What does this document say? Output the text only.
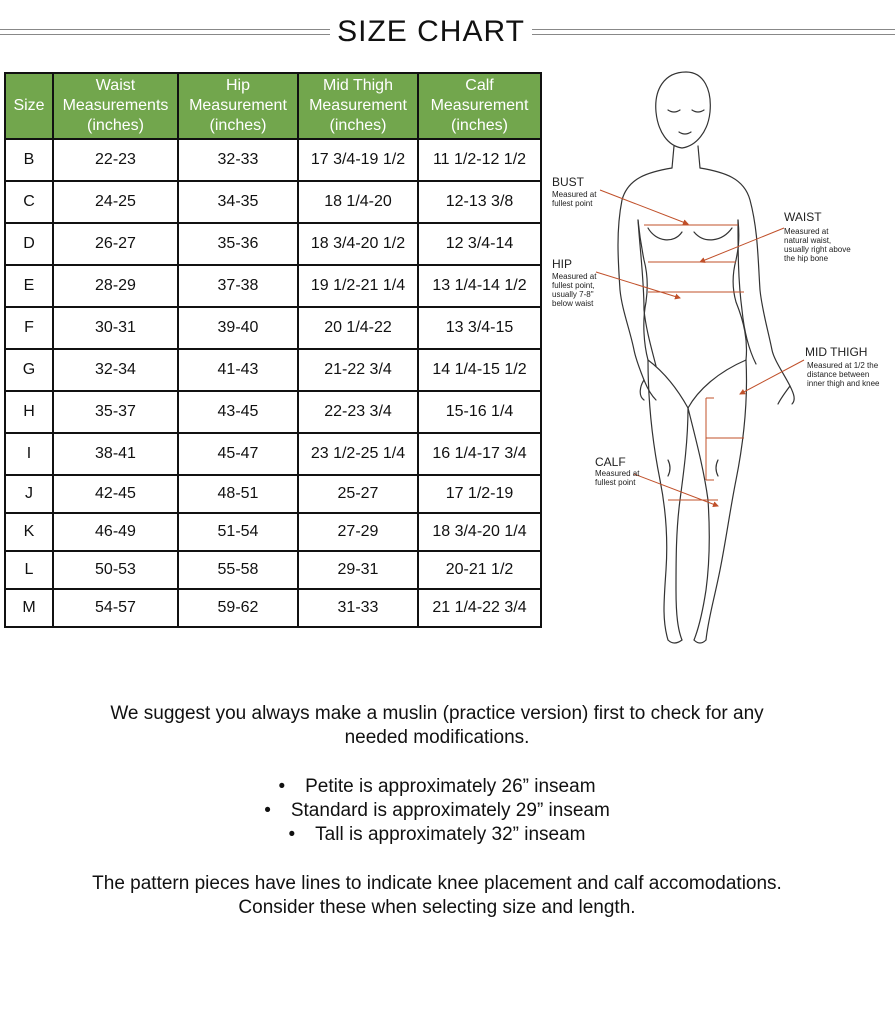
SIZE CHART
Size	Waist
Measurements
(inches)	Hip
Measurement
(inches)	Mid Thigh
Measurement
(inches)	Calf
Measurement
(inches)

B	22-23	32-33	17 3/4-19 1/2	11 1/2-12 1/2
C	24-25	34-35	18 1/4-20	12-13 3/8
D	26-27	35-36	18 3/4-20 1/2	12 3/4-14
E	28-29	37-38	19 1/2-21 1/4	13 1/4-14 1/2
F	30-31	39-40	20 1/4-22	13 3/4-15
G	32-34	41-43	21-22 3/4	14 1/4-15 1/2
H	35-37	43-45	22-23 3/4	15-16 1/4
I	38-41	45-47	23 1/2-25 1/4	16 1/4-17 3/4
J	42-45	48-51	25-27	17 1/2-19
K	46-49	51-54	27-29	18 3/4-20 1/4
L	50-53	55-58	29-31	20-21 1/2
M	54-57	59-62	31-33	21 1/4-22 3/4
BUST
Measured at fullest point
WAIST
Measured at natural waist, usually right above the hip bone
HIP
Measured at fullest point, usually 7-8" below waist
MID THIGH
Measured at 1/2 the distance between inner thigh and knee
CALF
Measured at fullest point

We suggest you always make a muslin (practice version) first to check for any needed modifications.

• Petite is approximately 26” inseam
• Standard is approximately 29” inseam
• Tall is approximately 32” inseam

The pattern pieces have lines to indicate knee placement and calf accomodations. Consider these when selecting size and length.
